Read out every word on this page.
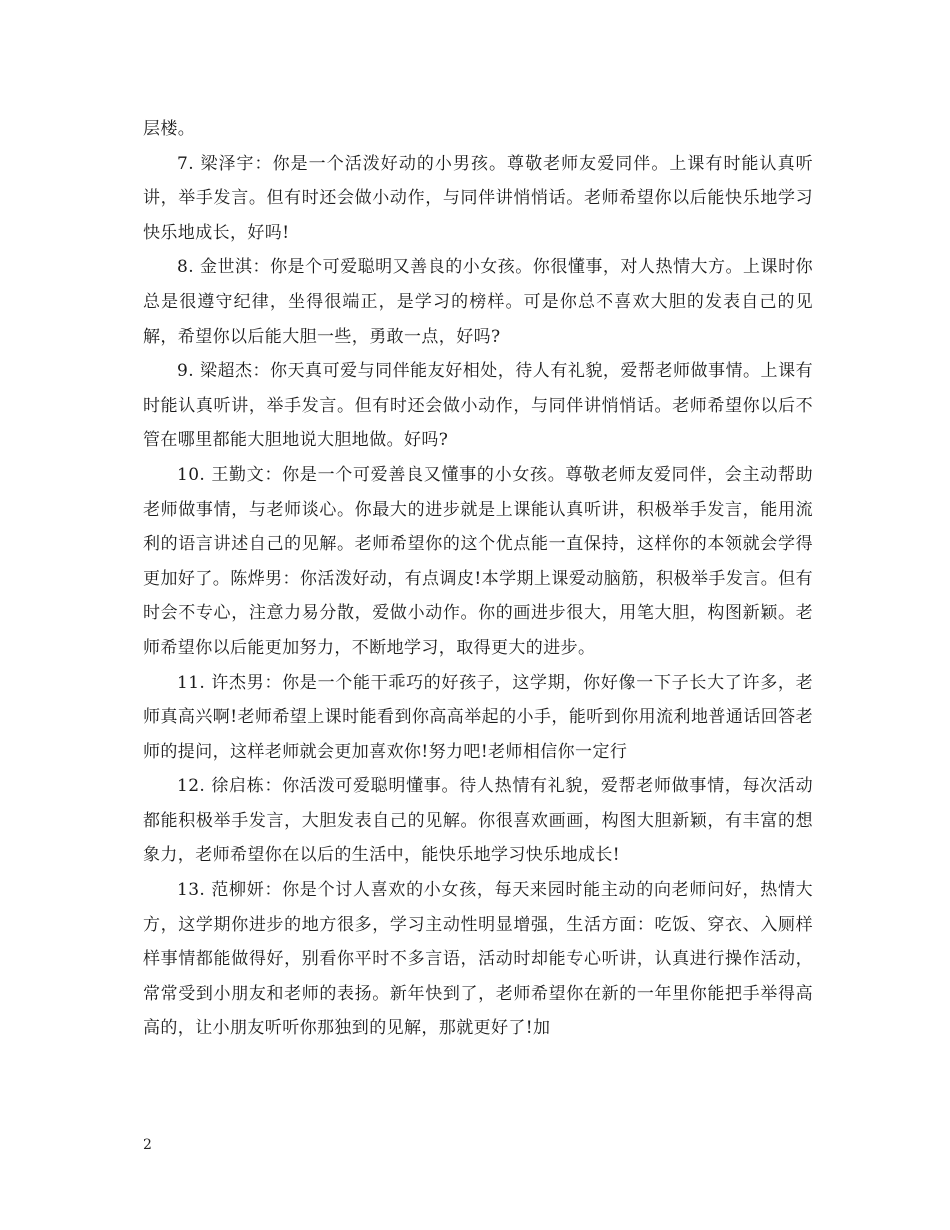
层楼。

7. 梁泽宇：你是一个活泼好动的小男孩。尊敬老师友爱同伴。上课有时能认真听讲，举手发言。但有时还会做小动作，与同伴讲悄悄话。老师希望你以后能快乐地学习快乐地成长，好吗!

8. 金世淇：你是个可爱聪明又善良的小女孩。你很懂事，对人热情大方。上课时你总是很遵守纪律，坐得很端正，是学习的榜样。可是你总不喜欢大胆的发表自己的见解，希望你以后能大胆一些，勇敢一点，好吗?

9. 梁超杰：你天真可爱与同伴能友好相处，待人有礼貌，爱帮老师做事情。上课有时能认真听讲，举手发言。但有时还会做小动作，与同伴讲悄悄话。老师希望你以后不管在哪里都能大胆地说大胆地做。好吗?

10. 王勤文：你是一个可爱善良又懂事的小女孩。尊敬老师友爱同伴，会主动帮助老师做事情，与老师谈心。你最大的进步就是上课能认真听讲，积极举手发言，能用流利的语言讲述自己的见解。老师希望你的这个优点能一直保持，这样你的本领就会学得更加好了。陈烨男：你活泼好动，有点调皮!本学期上课爱动脑筋，积极举手发言。但有时会不专心，注意力易分散，爱做小动作。你的画进步很大，用笔大胆，构图新颖。老师希望你以后能更加努力，不断地学习，取得更大的进步。

11. 许杰男：你是一个能干乖巧的好孩子，这学期，你好像一下子长大了许多，老师真高兴啊!老师希望上课时能看到你高高举起的小手，能听到你用流利地普通话回答老师的提问，这样老师就会更加喜欢你!努力吧!老师相信你一定行

12. 徐启栋：你活泼可爱聪明懂事。待人热情有礼貌，爱帮老师做事情，每次活动都能积极举手发言，大胆发表自己的见解。你很喜欢画画，构图大胆新颖，有丰富的想象力，老师希望你在以后的生活中，能快乐地学习快乐地成长!

13. 范柳妍：你是个讨人喜欢的小女孩，每天来园时能主动的向老师问好，热情大方，这学期你进步的地方很多，学习主动性明显增强，生活方面：吃饭、穿衣、入厕样样事情都能做得好，别看你平时不多言语，活动时却能专心听讲，认真进行操作活动，常常受到小朋友和老师的表扬。新年快到了，老师希望你在新的一年里你能把手举得高高的，让小朋友听听你那独到的见解，那就更好了!加

2
